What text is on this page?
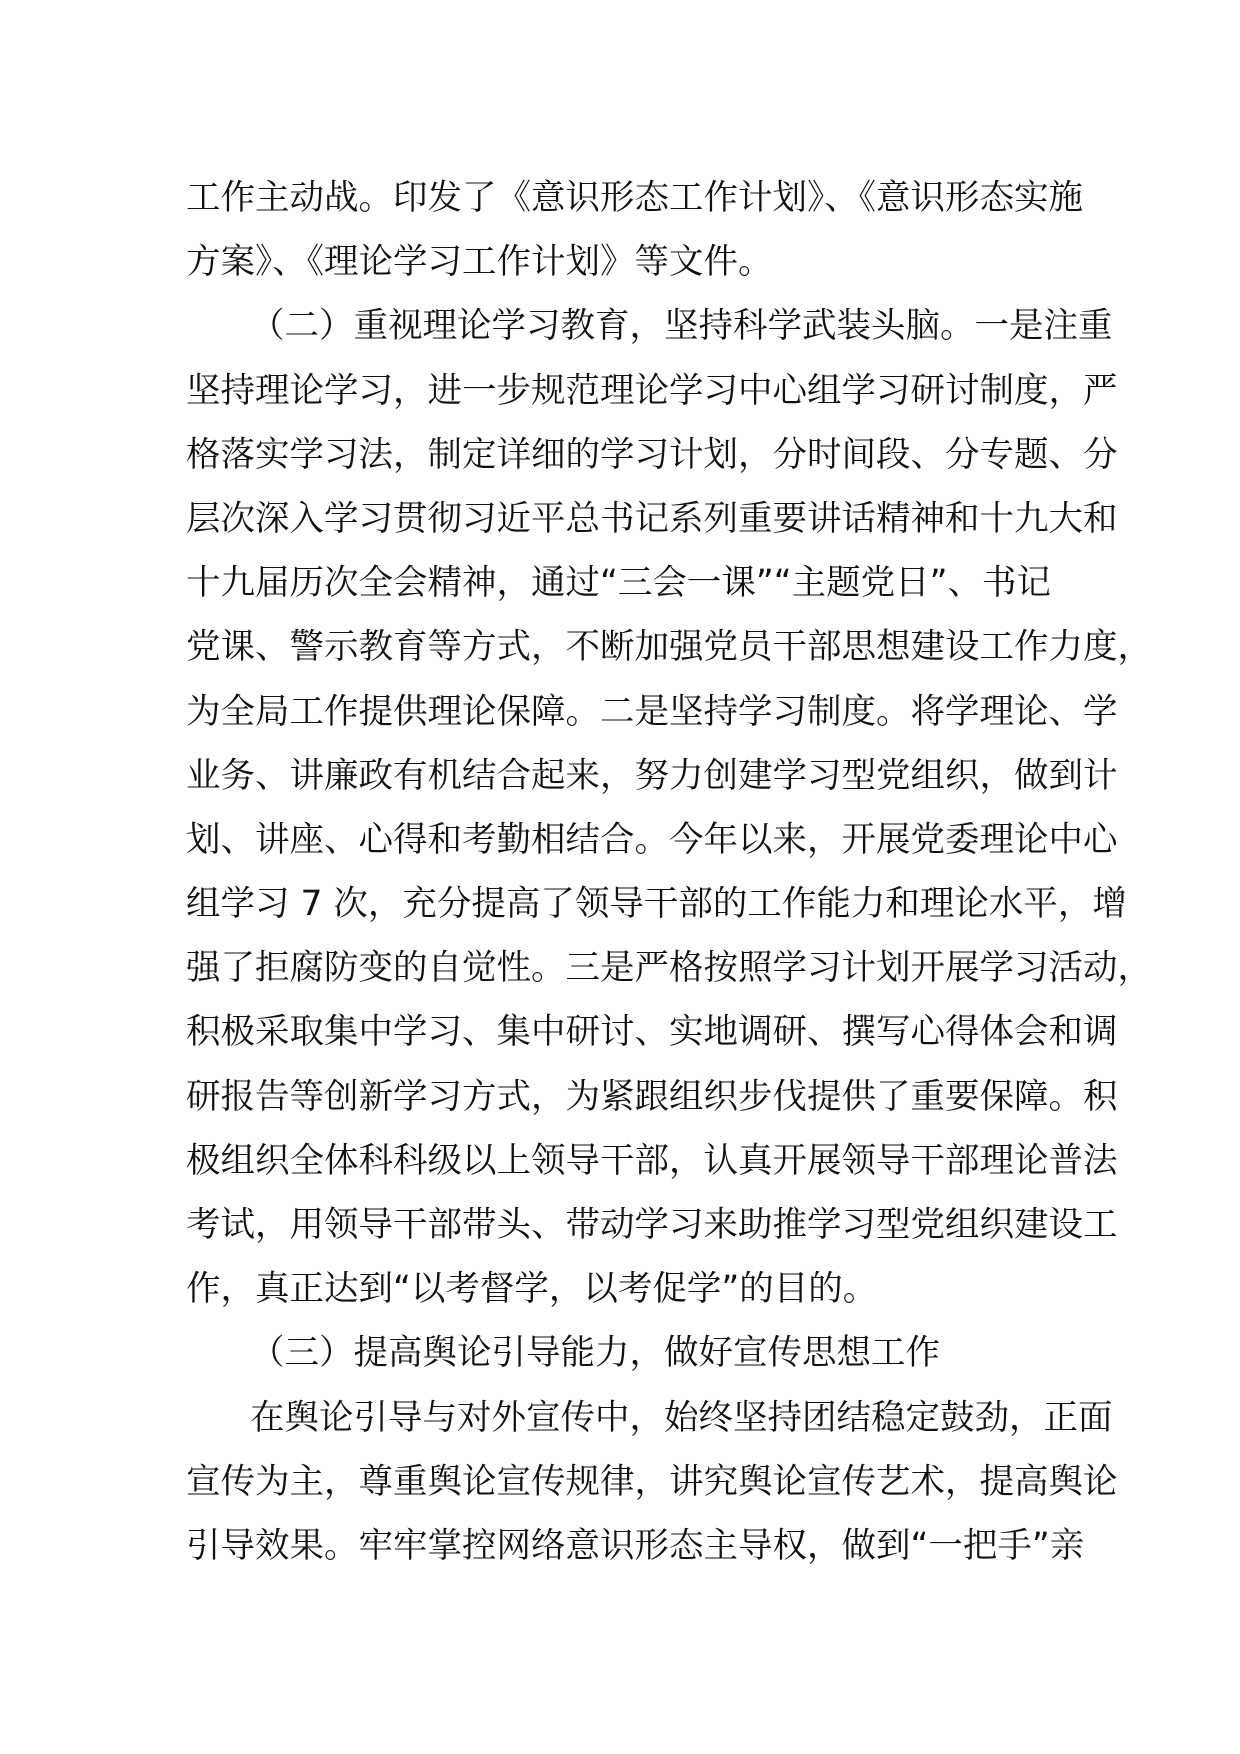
工作主动战。印发了《意识形态工作计划》、《意识形态实施
方案》、《理论学习工作计划》等文件。
（二）重视理论学习教育，坚持科学武装头脑。一是注重
坚持理论学习，进一步规范理论学习中心组学习研讨制度，严
格落实学习法，制定详细的学习计划，分时间段、分专题、分
层次深入学习贯彻习近平总书记系列重要讲话精神和十九大和
十九届历次全会精神，通过“三会一课”“主题党日”、书记
党课、警示教育等方式，不断加强党员干部思想建设工作力度，
为全局工作提供理论保障。二是坚持学习制度。将学理论、学
业务、讲廉政有机结合起来，努力创建学习型党组织，做到计
划、讲座、心得和考勤相结合。今年以来，开展党委理论中心
组学习 7 次，充分提高了领导干部的工作能力和理论水平，增
强了拒腐防变的自觉性。三是严格按照学习计划开展学习活动，
积极采取集中学习、集中研讨、实地调研、撰写心得体会和调
研报告等创新学习方式，为紧跟组织步伐提供了重要保障。积
极组织全体科科级以上领导干部，认真开展领导干部理论普法
考试，用领导干部带头、带动学习来助推学习型党组织建设工
作，真正达到“以考督学，以考促学”的目的。
（三）提高舆论引导能力，做好宣传思想工作
在舆论引导与对外宣传中，始终坚持团结稳定鼓劲，正面
宣传为主，尊重舆论宣传规律，讲究舆论宣传艺术，提高舆论
引导效果。牢牢掌控网络意识形态主导权，做到“一把手”亲
